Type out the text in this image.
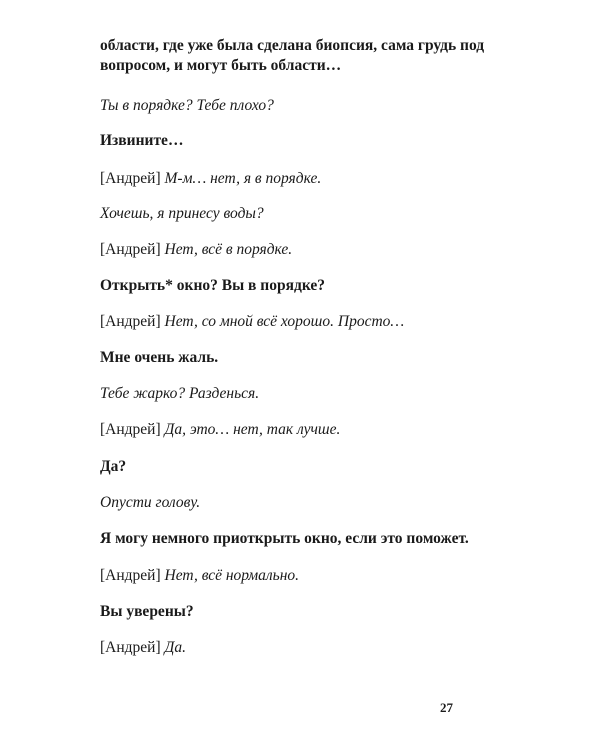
области, где уже была сделана биопсия, сама грудь под
вопросом, и могут быть области…
Ты в порядке? Тебе плохо?
Извините…
[Андрей] М-м… нет, я в порядке.
Хочешь, я принесу воды?
[Андрей] Нет, всё в порядке.
Открыть* окно? Вы в порядке?
[Андрей] Нет, со мной всё хорошо. Просто…
Мне очень жаль.
Тебе жарко? Разденься.
[Андрей] Да, это… нет, так лучше.
Да?
Опусти голову.
Я могу немного приоткрыть окно, если это поможет.
[Андрей] Нет, всё нормально.
Вы уверены?
[Андрей] Да.
27
